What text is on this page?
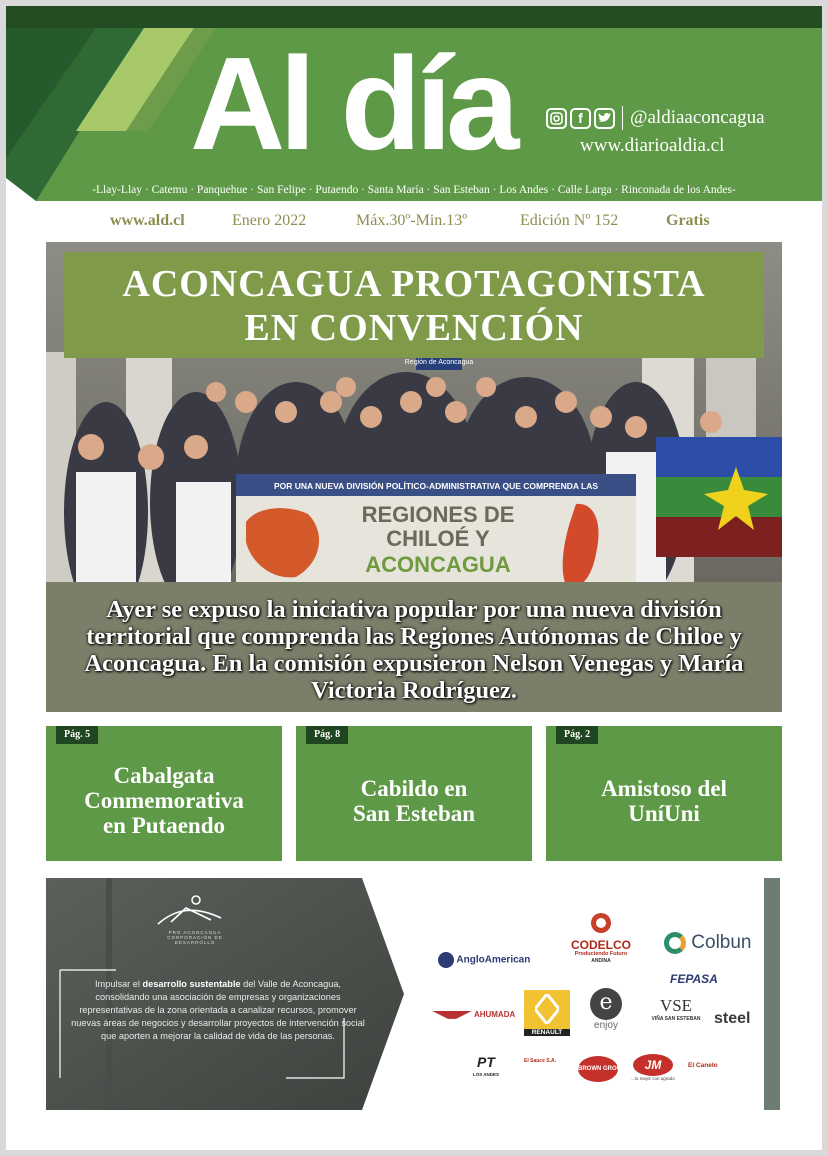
Al día	f	@aldiaaconcagua
www.diarioaldia.cl
-Llay-Llay · Catemu · Panquehue · San Felipe · Putaendo · Santa María · San Esteban · Los Andes · Calle Larga · Rinconada de los Andes-
www.ald.cl	Enero 2022	Máx.30º-Min.13º	Edición Nº 152	Gratis
Región de Aconcagua
POR UNA NUEVA DIVISIÓN POLÍTICO-ADMINISTRATIVA QUE COMPRENDA LAS
REGIONES DE
CHILOÉ Y
ACONCAGUA
ACONCAGUA PROTAGONISTA
EN CONVENCIÓN
Ayer se expuso la iniciativa popular por una nueva división territorial que comprenda las Regiones Autónomas de Chiloe y Aconcagua. En la comisión expusieron Nelson Venegas y María Victoria Rodríguez.
Cabalgata
Conmemorativa
en Putaendo
Pág. 5
Cabildo en
San Esteban
Pág. 8
Amistoso del
UníUni
Pág. 2
PRO ACONCAGUA CORPORACIÓN DE DESARROLLO
Impulsar el desarrollo sustentable del Valle de Aconcagua, consolidando una asociación de empresas y organizaciones representativas de la zona orientada a canalizar recursos, promover nuevas áreas de negocios y desarrollar proyectos de intervención social que aporten a mejorar la calidad de vida de las personas.
CODELCO
Produciendo Futuro
ANDINA
AngloAmerican
Colbun
FEPASA
AHUMADA
RENAULT
e
enjoy
VSE
VIÑA SAN ESTEBAN steel
PT
LOS ANDES
El Sauce S.A.
BROWN GROUP	JM
...lo mejor con agrado
El Canelo
